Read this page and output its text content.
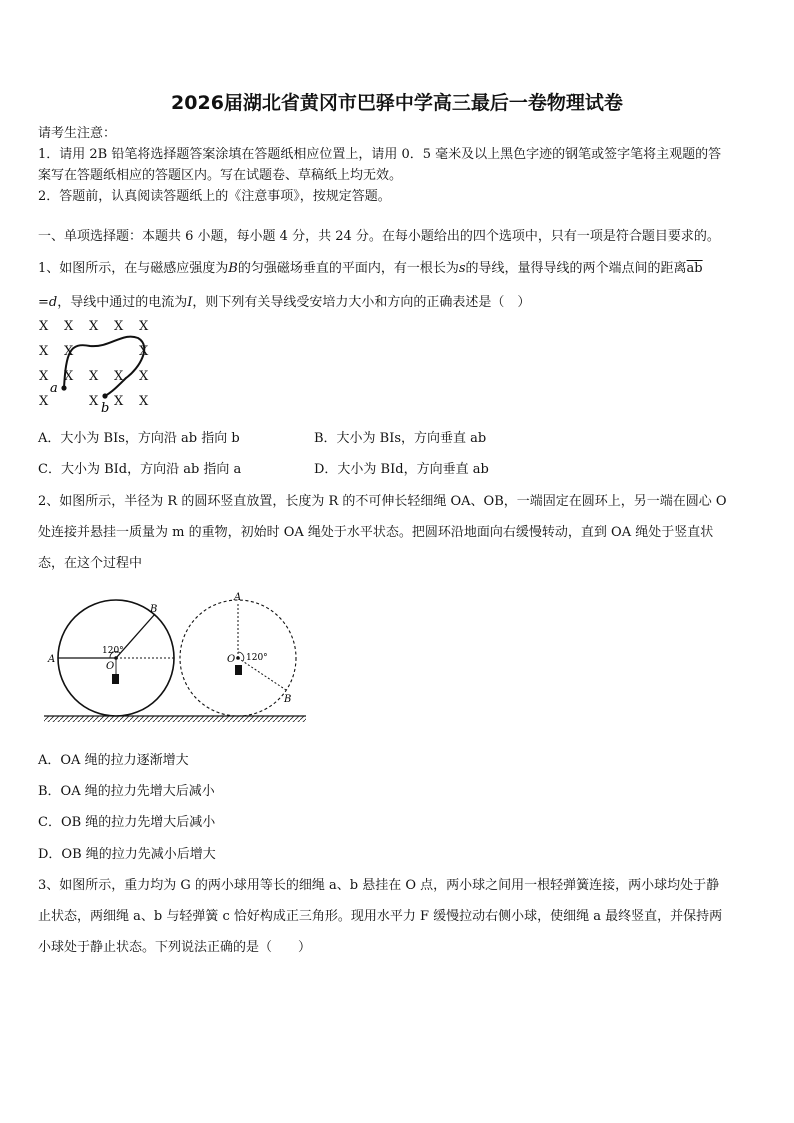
2026届湖北省黄冈市巴驿中学高三最后一卷物理试卷
请考生注意：
1．请用 2B 铅笔将选择题答案涂填在答题纸相应位置上，请用 0．5 毫米及以上黑色字迹的钢笔或签字笔将主观题的答
案写在答题纸相应的答题区内。写在试题卷、草稿纸上均无效。
2．答题前，认真阅读答题纸上的《注意事项》，按规定答题。
一、单项选择题：本题共 6 小题，每小题 4 分，共 24 分。在每小题给出的四个选项中，只有一项是符合题目要求的。
1、如图所示，在与磁感应强度为B的匀强磁场垂直的平面内，有一根长为s的导线，量得导线的两个端点间的距离$\overline{ab}$
=d，导线中通过的电流为I，则下列有关导线受安培力大小和方向的正确表述是（　）
X X X X X
X X	X
X X X X X
X	X X X
a
b
A．大小为 BIs，方向沿 ab 指向 b	B．大小为 BIs，方向垂直 ab
C．大小为 BId，方向沿 ab 指向 a	D．大小为 BId，方向垂直 ab
2、如图所示，半径为 R 的圆环竖直放置，长度为 R 的不可伸长轻细绳 OA、OB，一端固定在圆环上，另一端在圆心 O
处连接并悬挂一质量为 m 的重物，初始时 OA 绳处于水平状态。把圆环沿地面向右缓慢转动，直到 OA 绳处于竖直状
态，在这个过程中
A
B
O
120°
A
B
O 120°
A．OA 绳的拉力逐渐增大
B．OA 绳的拉力先增大后减小
C．OB 绳的拉力先增大后减小
D．OB 绳的拉力先减小后增大
3、如图所示，重力均为 G 的两小球用等长的细绳 a、b 悬挂在 O 点，两小球之间用一根轻弹簧连接，两小球均处于静
止状态，两细绳 a、b 与轻弹簧 c 恰好构成正三角形。现用水平力 F 缓慢拉动右侧小球，使细绳 a 最终竖直，并保持两
小球处于静止状态。下列说法正确的是（　　）
